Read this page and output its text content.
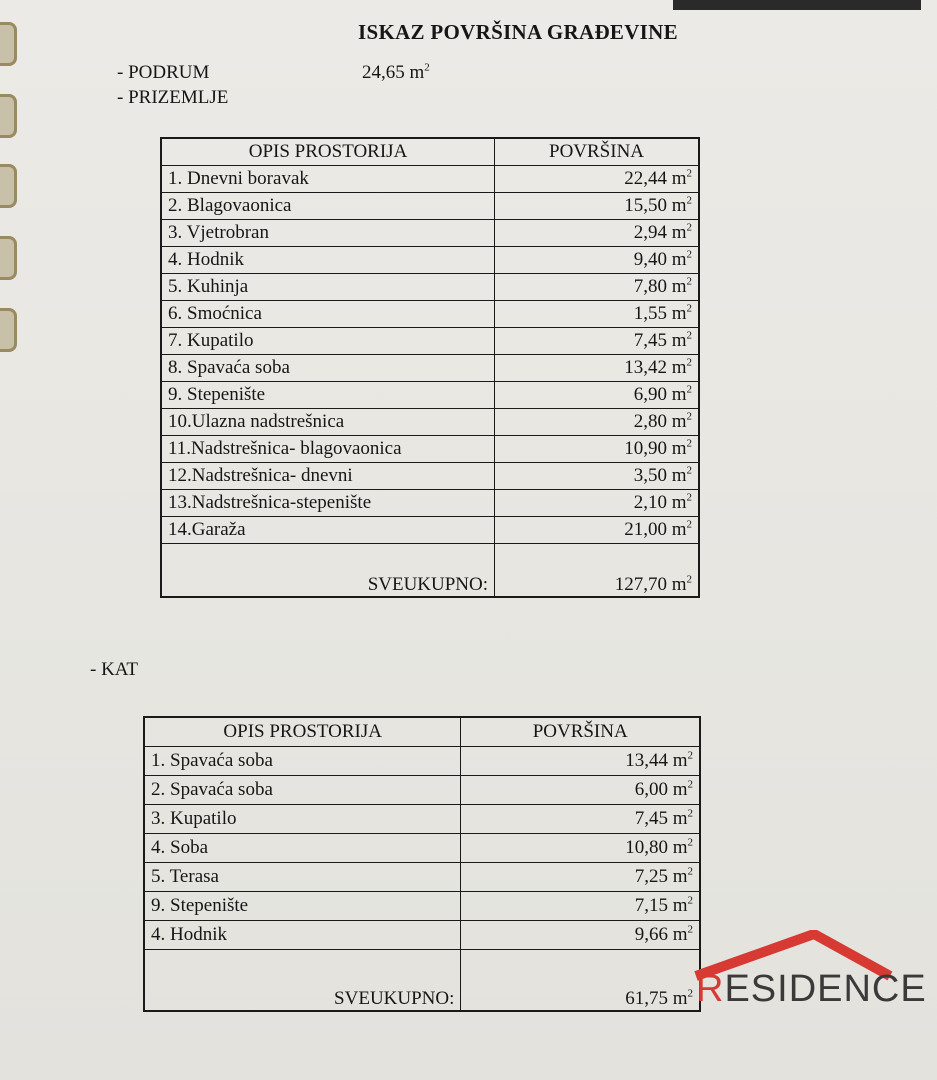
ISKAZ POVRŠINA GRAĐEVINE
- PODRUM	24,65 $m^2$
- PRIZEMLJE
OPIS PROSTORIJA	POVRŠINA
1. Dnevni boravak	22,44 $m^2$
2. Blagovaonica	15,50 $m^2$
3. Vjetrobran	2,94 $m^2$
4. Hodnik	9,40 $m^2$
5. Kuhinja	7,80 $m^2$
6. Smoćnica	1,55 $m^2$
7. Kupatilo	7,45 $m^2$
8. Spavaća soba	13,42 $m^2$
9. Stepenište	6,90 $m^2$
10.Ulazna nadstrešnica	2,80 $m^2$
11.Nadstrešnica- blagovaonica	10,90 $m^2$
12.Nadstrešnica- dnevni	3,50 $m^2$
13.Nadstrešnica-stepenište	2,10 $m^2$
14.Garaža	21,00 $m^2$
SVEUKUPNO:	127,70 $m^2$
- KAT
OPIS PROSTORIJA	POVRŠINA
1. Spavaća soba	13,44 $m^2$
2. Spavaća soba	6,00 $m^2$
3. Kupatilo	7,45 $m^2$
4. Soba	10,80 $m^2$
5. Terasa	7,25 $m^2$
9. Stepenište	7,15 $m^2$
4. Hodnik	9,66 $m^2$
SVEUKUPNO:	61,75 $m^2$ RESIDENCE
